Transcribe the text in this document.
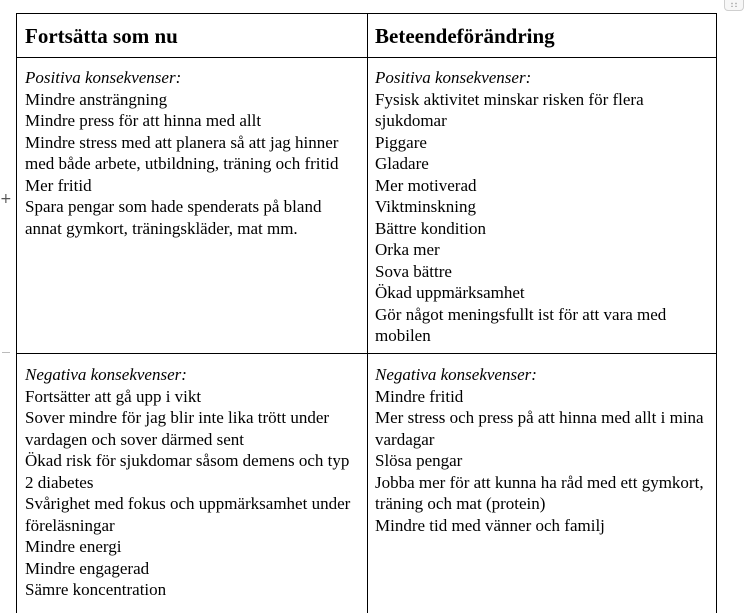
+
Fortsätta som nu	Beteendeförändring
Positiva konsekvenser:
Mindre ansträngning
Mindre press för att hinna med allt
Mindre stress med att planera så att jag hinner med både arbete, utbildning, träning och fritid
Mer fritid
Spara pengar som hade spenderats på bland annat gymkort, träningskläder, mat mm.
Positiva konsekvenser:
Fysisk aktivitet minskar risken för flera sjukdomar
Piggare
Gladare
Mer motiverad
Viktminskning
Bättre kondition
Orka mer
Sova bättre
Ökad uppmärksamhet
Gör något meningsfullt ist för att vara med mobilen
Negativa konsekvenser:
Fortsätter att gå upp i vikt
Sover mindre för jag blir inte lika trött under vardagen och sover därmed sent
Ökad risk för sjukdomar såsom demens och typ 2 diabetes
Svårighet med fokus och uppmärksamhet under föreläsningar
Mindre energi
Mindre engagerad
Sämre koncentration
Negativa konsekvenser:
Mindre fritid
Mer stress och press på att hinna med allt i mina vardagar
Slösa pengar
Jobba mer för att kunna ha råd med ett gymkort, träning och mat (protein)
Mindre tid med vänner och familj
